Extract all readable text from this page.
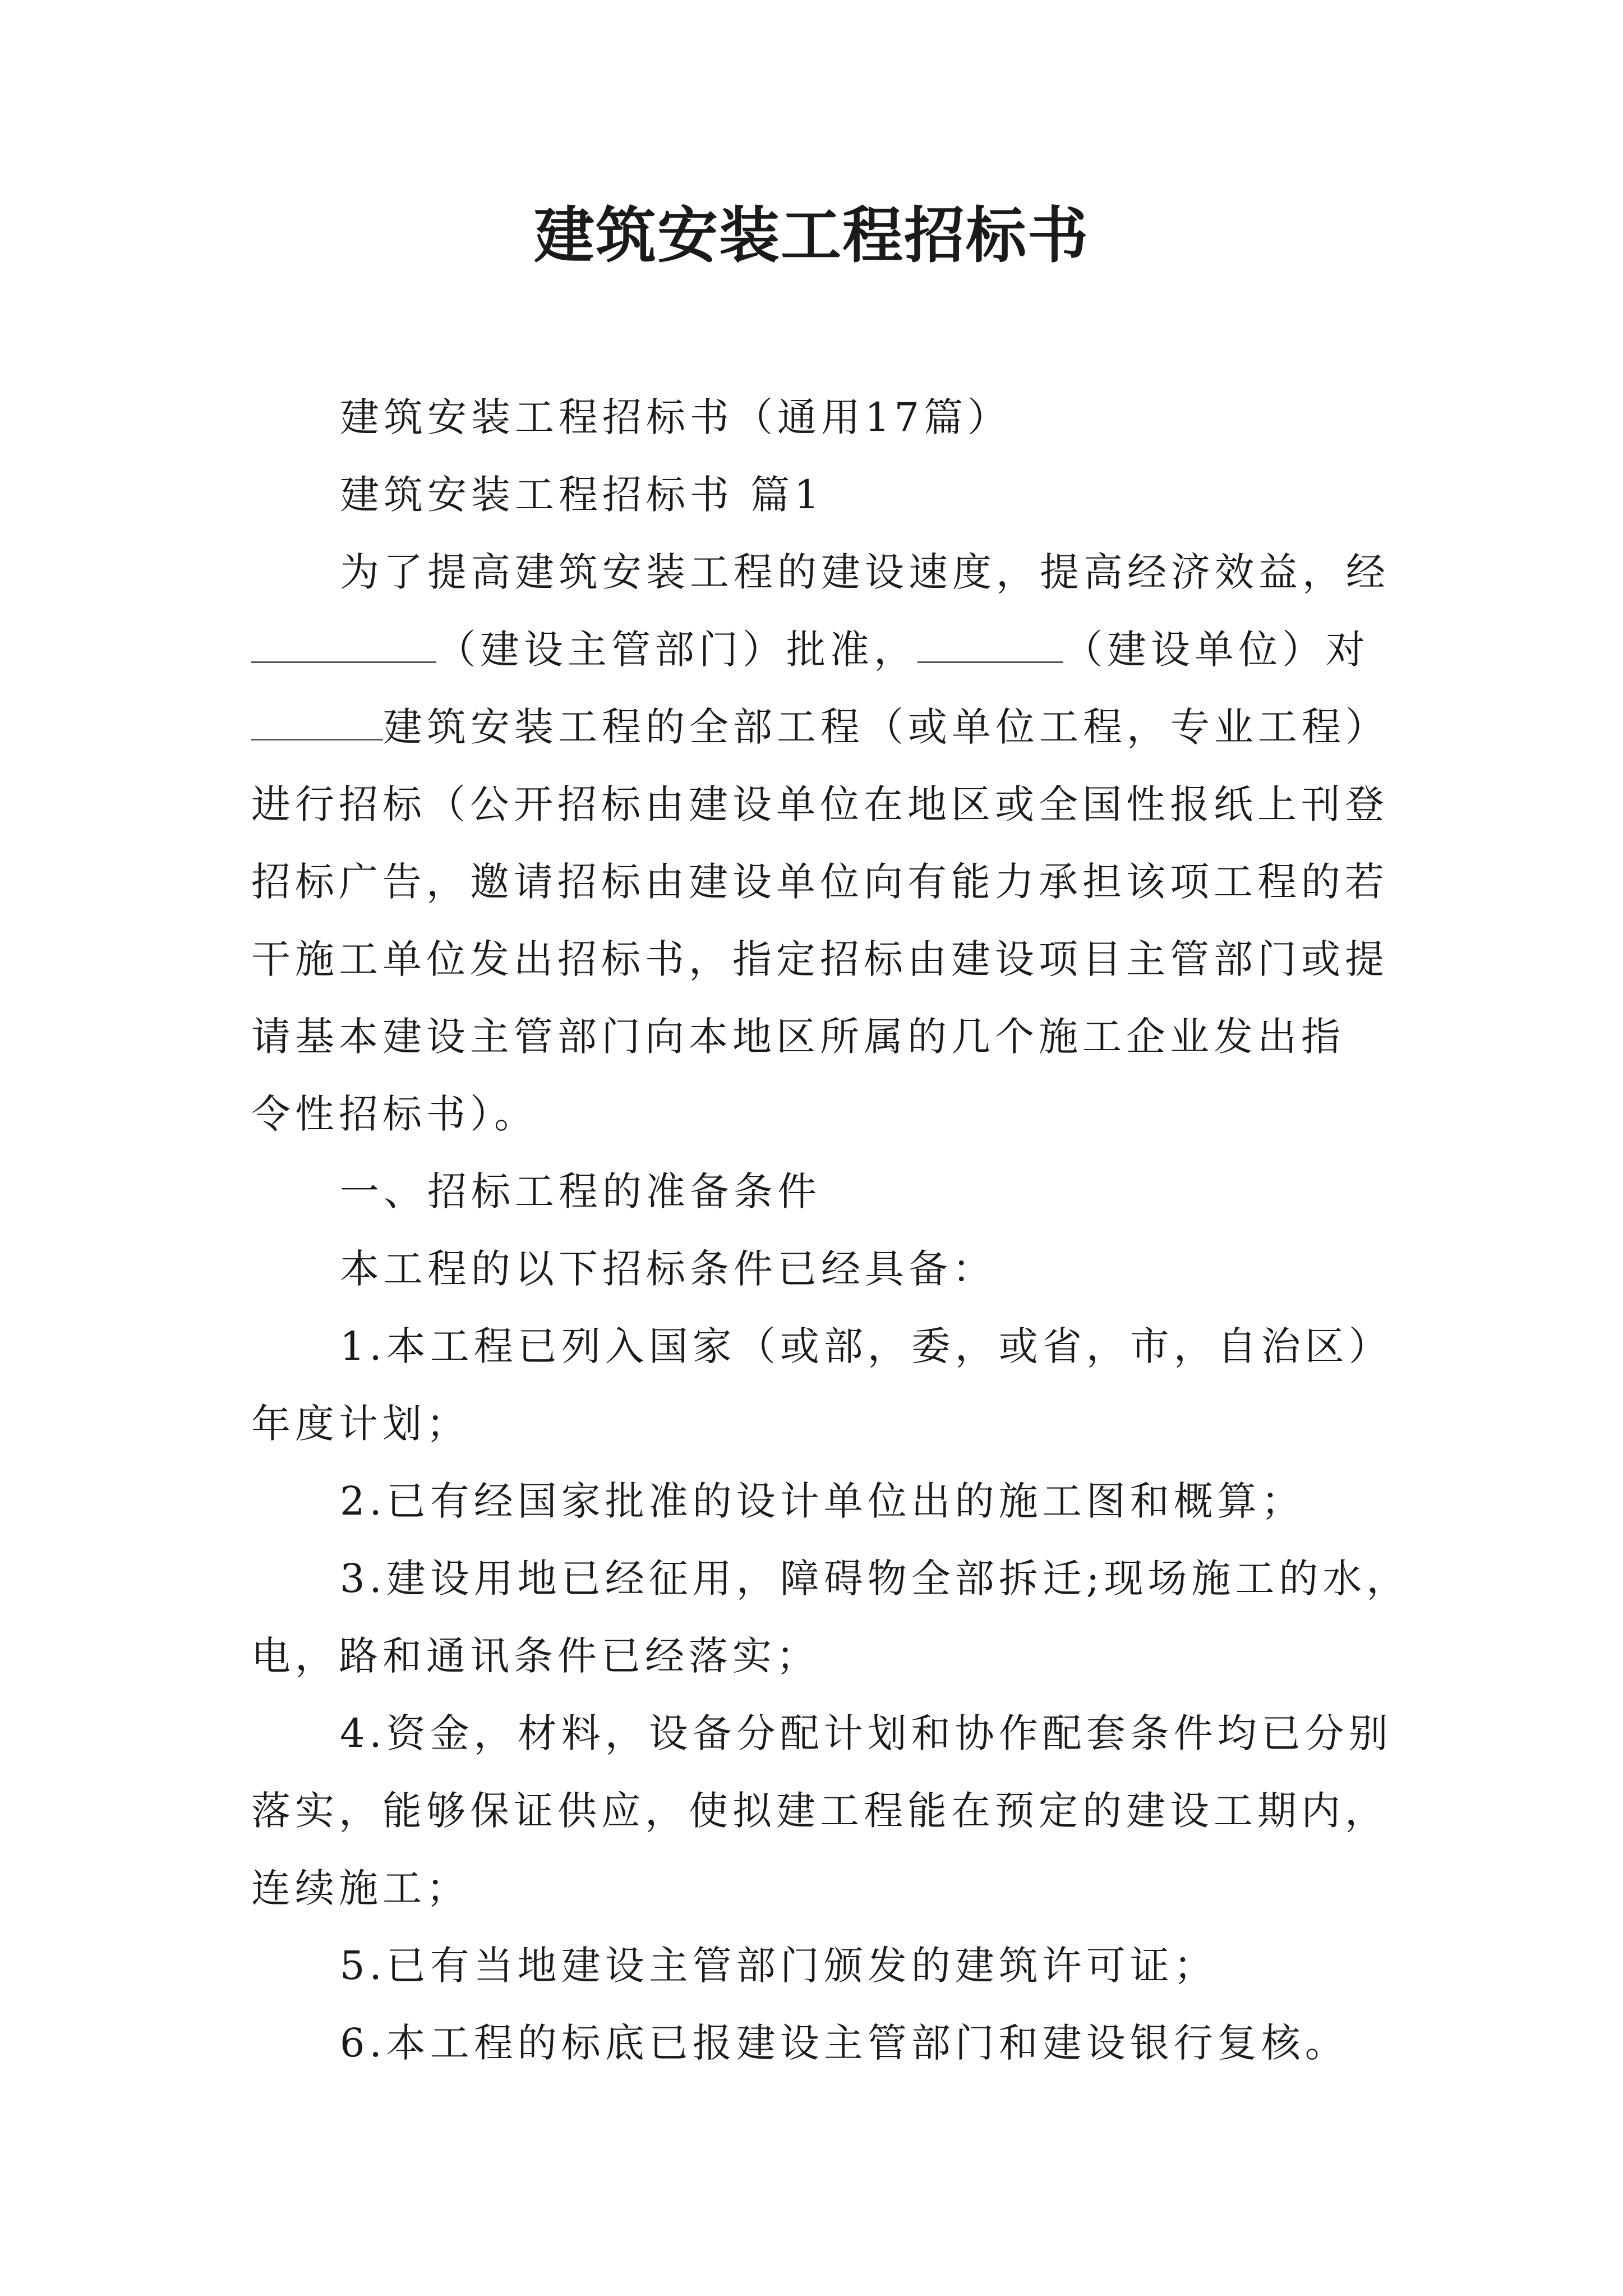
建筑安装工程招标书
建筑安装工程招标书（通用17篇）
建筑安装工程招标书 篇1
为了提高建筑安装工程的建设速度，提高经济效益，经
（建设主管部门）批准，	（建设单位）对
建筑安装工程的全部工程（或单位工程，专业工程）
进行招标（公开招标由建设单位在地区或全国性报纸上刊登
招标广告，邀请招标由建设单位向有能力承担该项工程的若
干施工单位发出招标书，指定招标由建设项目主管部门或提
请基本建设主管部门向本地区所属的几个施工企业发出指
令性招标书）。
一、招标工程的准备条件
本工程的以下招标条件已经具备：
1.本工程已列入国家（或部，委，或省，市，自治区）
年度计划；
2.已有经国家批准的设计单位出的施工图和概算；
3.建设用地已经征用，障碍物全部拆迁;现场施工的水，
电，路和通讯条件已经落实；
4.资金，材料，设备分配计划和协作配套条件均已分别
落实，能够保证供应，使拟建工程能在预定的建设工期内，
连续施工；
5.已有当地建设主管部门颁发的建筑许可证；
6.本工程的标底已报建设主管部门和建设银行复核。
